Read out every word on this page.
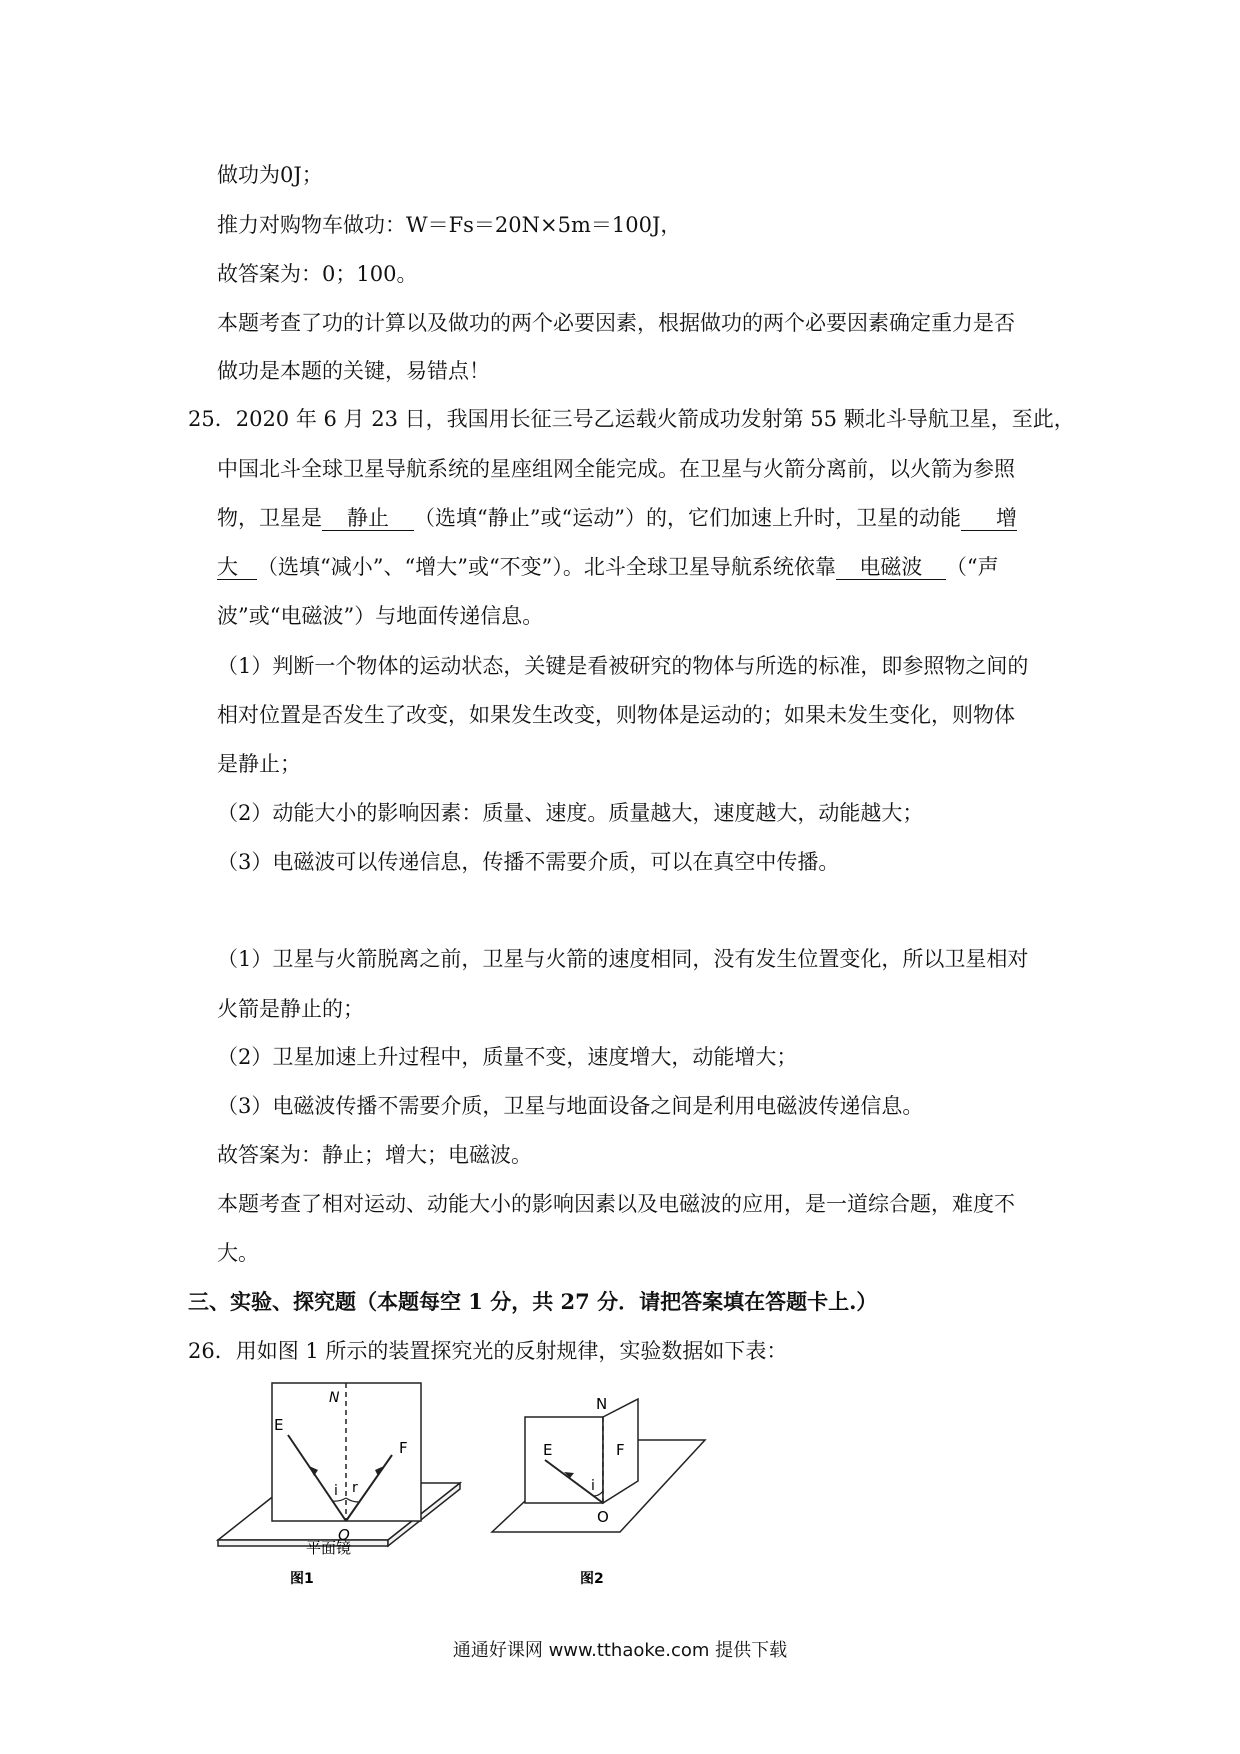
做功为0J；
推力对购物车做功：W＝Fs＝20N×5m＝100J，
故答案为：0；100。
本题考查了功的计算以及做功的两个必要因素，根据做功的两个必要因素确定重力是否
做功是本题的关键，易错点！
25．2020 年 6 月 23 日，我国用长征三号乙运载火箭成功发射第 55 颗北斗导航卫星，至此，
中国北斗全球卫星导航系统的星座组网全能完成。在卫星与火箭分离前，以火箭为参照
物，卫星是 静止 （选填“静止”或“运动”）的，它们加速上升时，卫星的动能 增
大 （选填“减小”、“增大”或“不变”）。北斗全球卫星导航系统依靠 电磁波 （“声
波”或“电磁波”）与地面传递信息。
（1）判断一个物体的运动状态，关键是看被研究的物体与所选的标准，即参照物之间的
相对位置是否发生了改变，如果发生改变，则物体是运动的；如果未发生变化，则物体
是静止；
（2）动能大小的影响因素：质量、速度。质量越大，速度越大，动能越大；
（3）电磁波可以传递信息，传播不需要介质，可以在真空中传播。
（1）卫星与火箭脱离之前，卫星与火箭的速度相同，没有发生位置变化，所以卫星相对
火箭是静止的；
（2）卫星加速上升过程中，质量不变，速度增大，动能增大；
（3）电磁波传播不需要介质，卫星与地面设备之间是利用电磁波传递信息。
故答案为：静止；增大；电磁波。
本题考查了相对运动、动能大小的影响因素以及电磁波的应用，是一道综合题，难度不
大。
三、实验、探究题（本题每空 1 分，共 27 分．请把答案填在答题卡上.）
26．用如图 1 所示的装置探究光的反射规律，实验数据如下表：
N
E
F
i r
O
平面镜
图1
N
E	F
i
O
图2
通通好课网 www.tthaoke.com 提供下载
